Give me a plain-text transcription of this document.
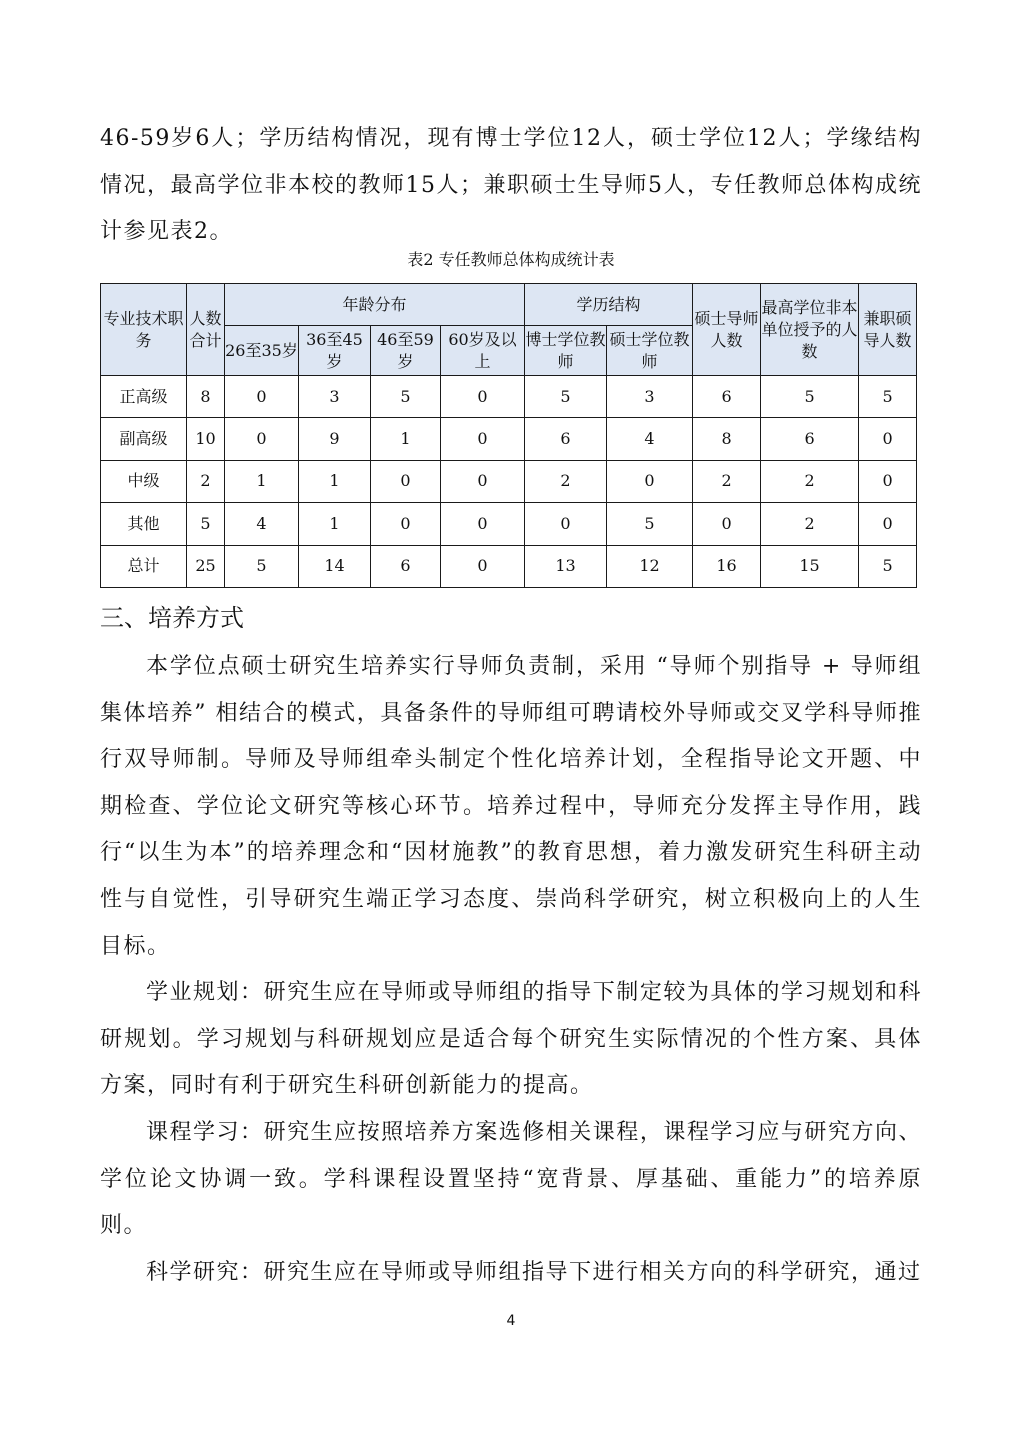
46-59岁6人；学历结构情况，现有博士学位12人，硕士学位12人；学缘结构情况，最高学位非本校的教师15人；兼职硕士生导师5人，专任教师总体构成统计参见表2。

表2 专任教师总体构成统计表

专业技术职务	人数合计	年龄分布				学历结构		硕士导师人数	最高学位非本单位授予的人数	兼职硕导人数
		26至35岁	36至45岁	46至59岁	60岁及以上	博士学位教师	硕士学位教师			
正高级	8	0	3	5	0	5	3	6	5	5
副高级	10	0	9	1	0	6	4	8	6	0
中级	2	1	1	0	0	2	0	2	2	0
其他	5	4	1	0	0	0	5	0	2	0
总计	25	5	14	6	0	13	12	16	15	5
三、培养方式

本学位点硕士研究生培养实行导师负责制，采用 “导师个别指导 + 导师组集体培养” 相结合的模式，具备条件的导师组可聘请校外导师或交叉学科导师推行双导师制。导师及导师组牵头制定个性化培养计划，全程指导论文开题、中期检查、学位论文研究等核心环节。培养过程中，导师充分发挥主导作用，践行“以生为本”的培养理念和“因材施教”的教育思想，着力激发研究生科研主动性与自觉性，引导研究生端正学习态度、崇尚科学研究，树立积极向上的人生目标。

学业规划：研究生应在导师或导师组的指导下制定较为具体的学习规划和科研规划。学习规划与科研规划应是适合每个研究生实际情况的个性方案、具体方案，同时有利于研究生科研创新能力的提高。

课程学习：研究生应按照培养方案选修相关课程，课程学习应与研究方向、学位论文协调一致。学科课程设置坚持“宽背景、厚基础、重能力”的培养原则。

科学研究：研究生应在导师或导师组指导下进行相关方向的科学研究，通过

4
